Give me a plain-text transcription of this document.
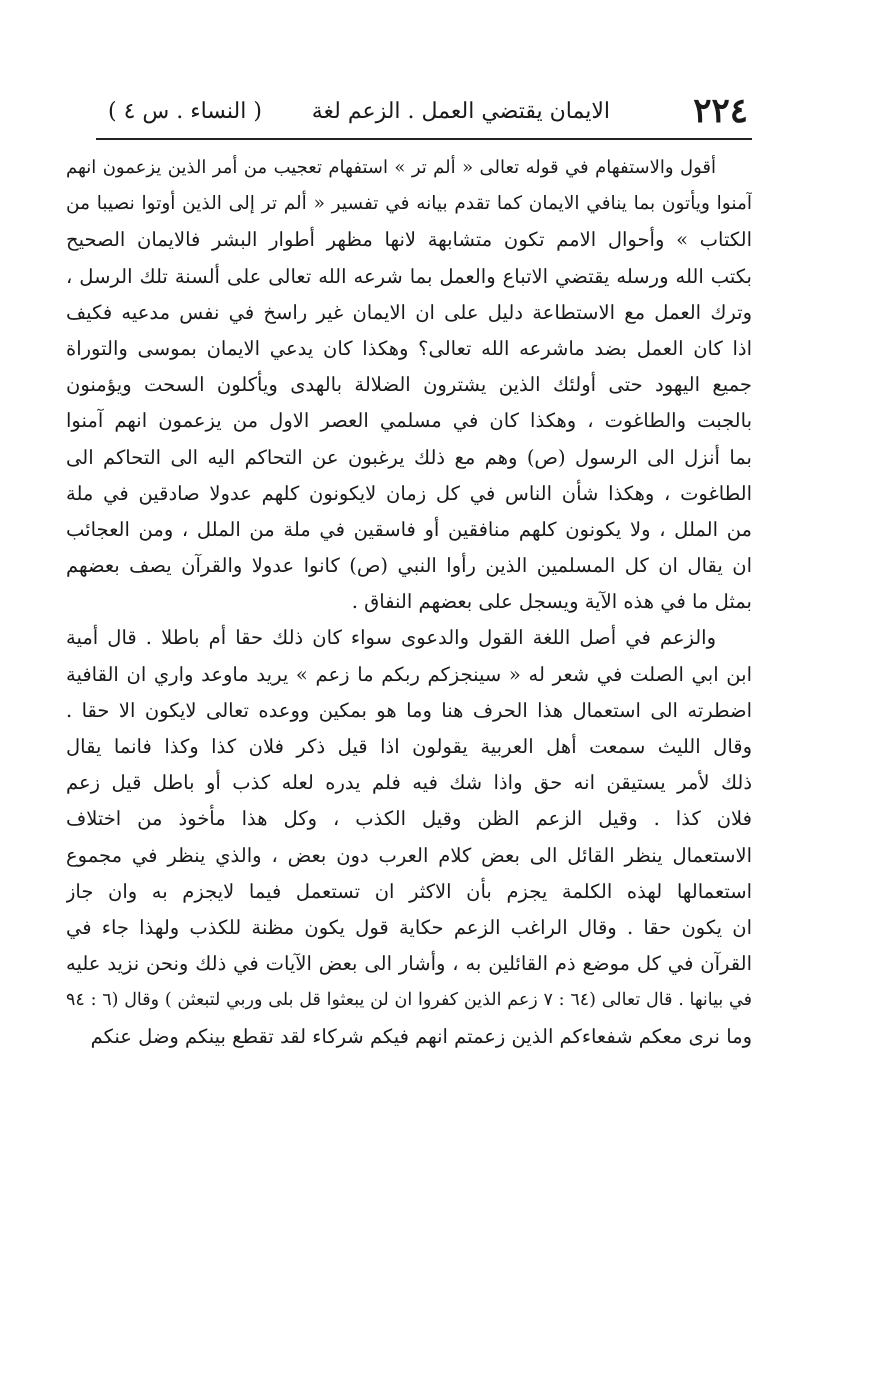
٢٢٤
الايمان يقتضي العمل . الزعم لغة
( النساء . س ٤ )
أقول والاستفهام في قوله تعالى « ألم تر » استفهام تعجيب من أمر الذين يزعمون انهم
آمنوا ويأتون بما ينافي الايمان كما تقدم بيانه في تفسير « ألم تر إلى الذين أوتوا نصيبا من
الكتاب » وأحوال الامم تكون متشابهة لانها مظهر أطوار البشر فالايمان الصحيح
بكتب الله ورسله يقتضي الاتباع والعمل بما شرعه الله تعالى على ألسنة تلك الرسل ،
وترك العمل مع الاستطاعة دليل على ان الايمان غير راسخ في نفس مدعيه فكيف
اذا كان العمل بضد ماشرعه الله تعالى؟ وهكذا كان يدعي الايمان بموسى والتوراة
جميع اليهود حتى أولئك الذين يشترون الضلالة بالهدى ويأكلون السحت ويؤمنون
بالجبت والطاغوت ، وهكذا كان في مسلمي العصر الاول من يزعمون انهم آمنوا
بما أنزل الى الرسول (ص) وهم مع ذلك يرغبون عن التحاكم اليه الى التحاكم الى
الطاغوت ، وهكذا شأن الناس في كل زمان لايكونون كلهم عدولا صادقين في ملة
من الملل ، ولا يكونون كلهم منافقين أو فاسقين في ملة من الملل ، ومن العجائب
ان يقال ان كل المسلمين الذين رأوا النبي (ص) كانوا عدولا والقرآن يصف بعضهم
بمثل ما في هذه الآية ويسجل على بعضهم النفاق .
والزعم في أصل اللغة القول والدعوى سواء كان ذلك حقا أم باطلا . قال أمية
ابن ابي الصلت في شعر له « سينجزكم ربكم ما زعم » يريد ماوعد واري ان القافية
اضطرته الى استعمال هذا الحرف هنا وما هو بمكين ووعده تعالى لايكون الا حقا .
وقال الليث سمعت أهل العربية يقولون اذا قيل ذكر فلان كذا وكذا فانما يقال
ذلك لأمر يستيقن انه حق واذا شك فيه فلم يدره لعله كذب أو باطل قيل زعم
فلان كذا . وقيل الزعم الظن وقيل الكذب ، وكل هذا مأخوذ من اختلاف
الاستعمال ينظر القائل الى بعض كلام العرب دون بعض ، والذي ينظر في مجموع
استعمالها لهذه الكلمة يجزم بأن الاكثر ان تستعمل فيما لايجزم به وان جاز
ان يكون حقا . وقال الراغب الزعم حكاية قول يكون مظنة للكذب ولهذا جاء في
القرآن في كل موضع ذم القائلين به ، وأشار الى بعض الآيات في ذلك ونحن نزيد عليه
في بيانها . قال تعالى (٦٤ : ٧ زعم الذين كفروا ان لن يبعثوا قل بلى وربي لتبعثن ) وقال (٦ : ٩٤
وما نرى معكم شفعاءكم الذين زعمتم انهم فيكم شركاء لقد تقطع بينكم وضل عنكم
